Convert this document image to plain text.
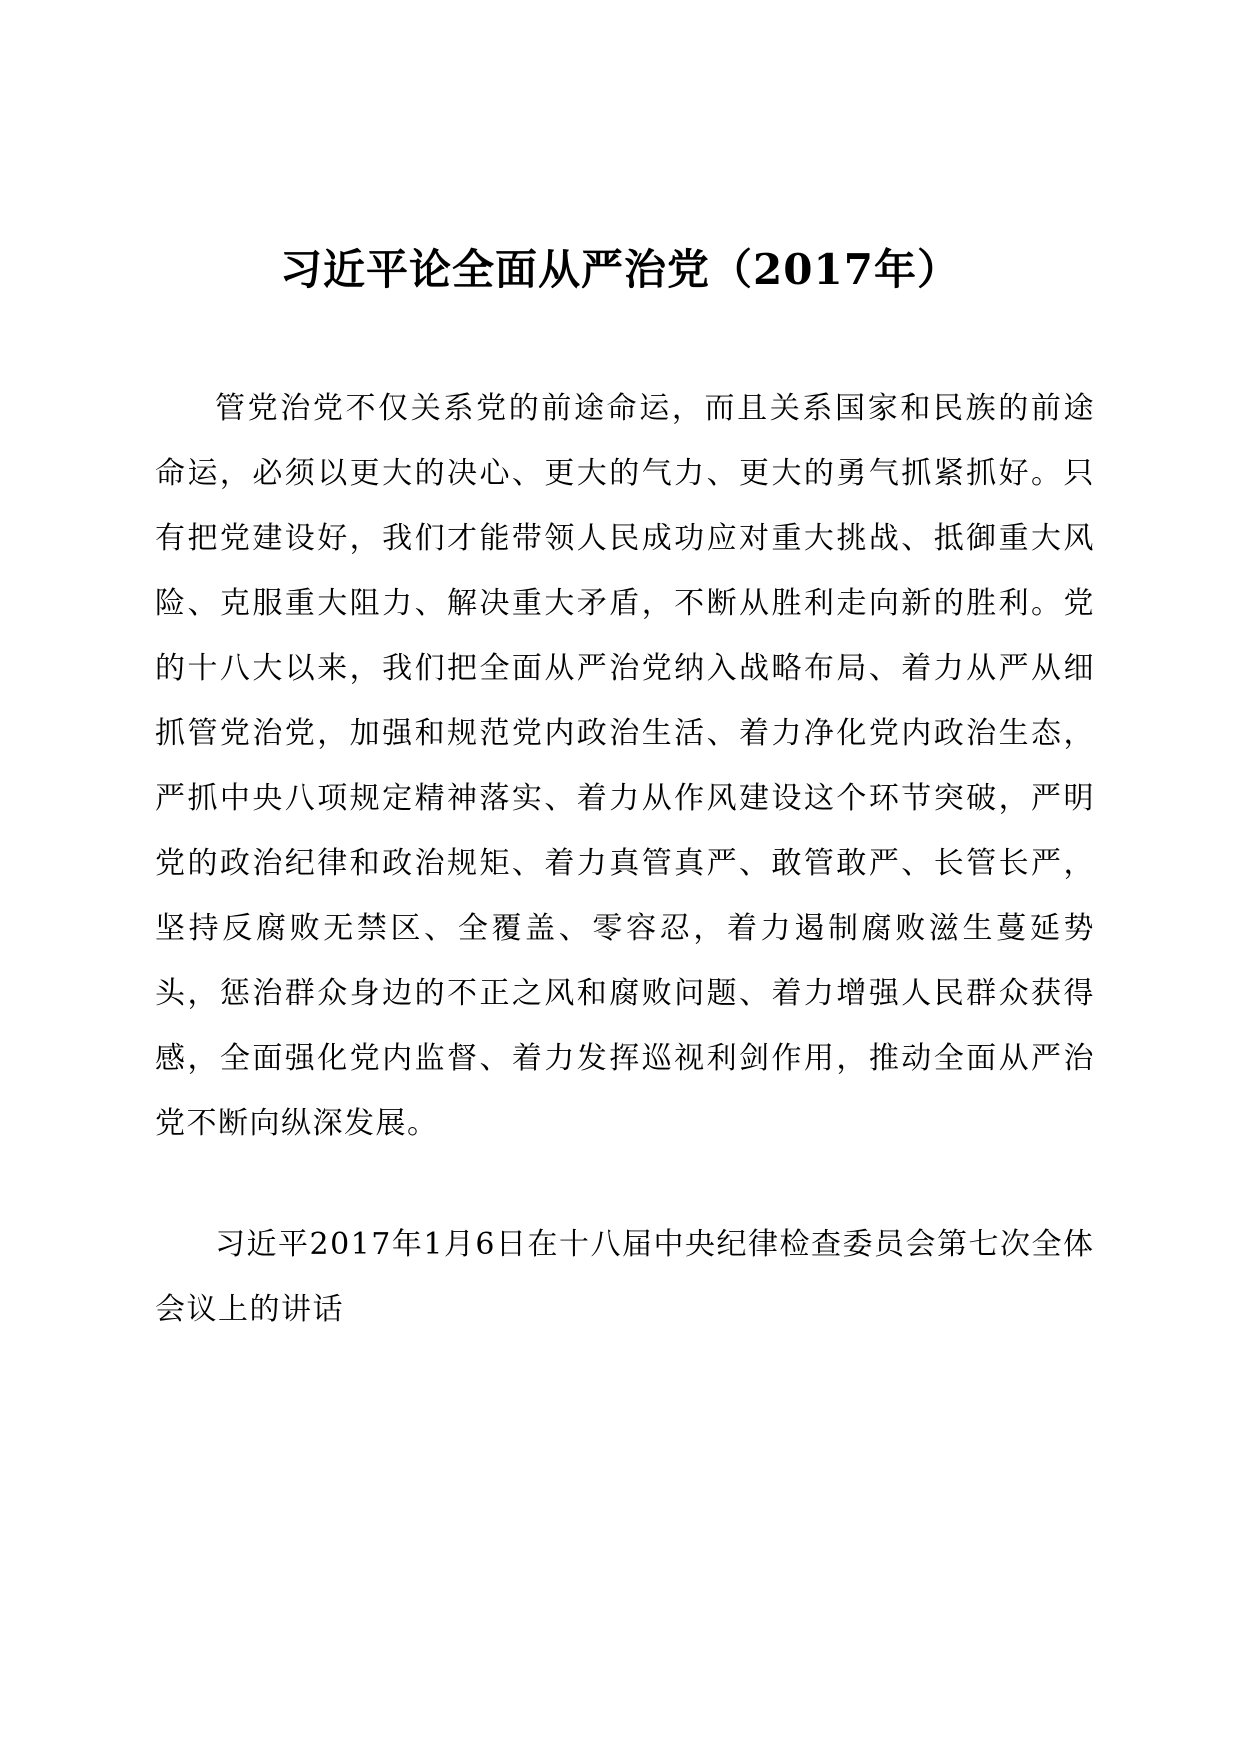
习近平论全面从严治党（2017年）

管党治党不仅关系党的前途命运，而且关系国家和民族的前途命运，必须以更大的决心、更大的气力、更大的勇气抓紧抓好。只有把党建设好，我们才能带领人民成功应对重大挑战、抵御重大风险、克服重大阻力、解决重大矛盾，不断从胜利走向新的胜利。党的十八大以来，我们把全面从严治党纳入战略布局、着力从严从细抓管党治党，加强和规范党内政治生活、着力净化党内政治生态，严抓中央八项规定精神落实、着力从作风建设这个环节突破，严明党的政治纪律和政治规矩、着力真管真严、敢管敢严、长管长严，坚持反腐败无禁区、全覆盖、零容忍，着力遏制腐败滋生蔓延势头，惩治群众身边的不正之风和腐败问题、着力增强人民群众获得感，全面强化党内监督、着力发挥巡视利剑作用，推动全面从严治党不断向纵深发展。

习近平2017年1月6日在十八届中央纪律检查委员会第七次全体会议上的讲话
